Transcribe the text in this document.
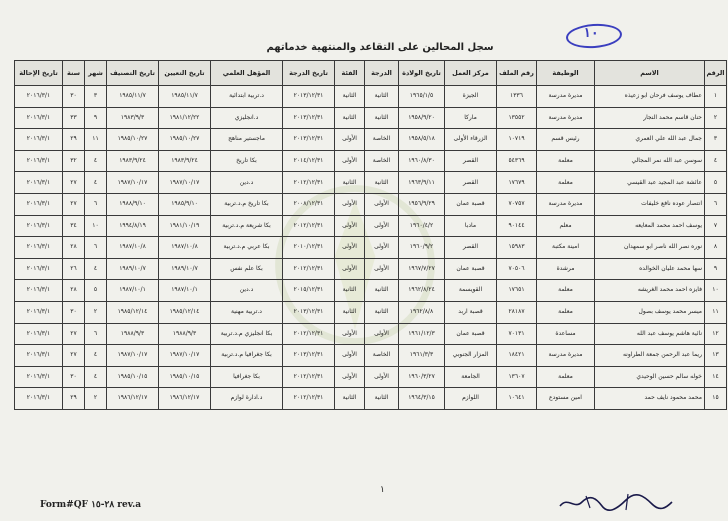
١٠
سجل المحالين على التقاعد والمنتهية خدماتهم
الرقم	الاسم	الوظيفة	رقم الملف	مركز العمل	تاريخ الولادة	الدرجة	الفئة	تاريخ الدرجة	المؤهل العلمي	تاريخ التعيين	تاريخ التصنيف	شهر	سنة	تاريخ الإحالة
١	عطاف يوسف فرحان ابو زعيذه	مديرة مدرسة	١٣٣٦	الجيزة	١٩٦٥/١/٥	الثانية	الثانية	٢٠١٣/١٢/٣١	د.تربية ابتدائية	١٩٨٥/١١/٧	١٩٨٥/١١/٧	٣	٣٠	٢٠١٦/٣/١
٢	حنان قاسم محمد النجار	مديرة مدرسة	١٣٥٥٢	ماركا	١٩٥٨/٩/٢٠	الثانية	الثانية	٢٠١٣/١٢/٣١	د.انجليزي	١٩٨١/١٢/٢٢	١٩٨٣/٩/٣	٩	٣٣	٢٠١٦/٣/١
٣	جمال عبد الله علي العمري	رئيس قسم	١٠٧١٩	الزرقاء الأولى	١٩٥٨/٥/١٨	الخاصة	الأولى	٢٠١٣/١٢/٣١	ماجستير مناهج	١٩٨٥/١٠/٢٧	١٩٨٥/١٠/٢٧	١١	٢٩	٢٠١٦/٣/١
٤	سوسن عبد الله نمر المجالي	معلمة	٥٤٣٦٩	القصر	١٩٦٠/٨/٣٠	الخاصة	الأولى	٢٠١٤/١٢/٣١	بكا تاريخ	١٩٨٣/٩/٢٤	١٩٨٣/٩/٢٤	٤	٣٢	٢٠١٦/٣/١
٥	عائشة عبد المجيد عبد القيسي	معلمة	١٧٦٧٩	القصر	١٩٦٣/٩/١١	الثانية	الثانية	٢٠١٢/١٢/٣١	د.دين	١٩٨٧/١٠/١٧	١٩٨٧/١٠/١٧	٤	٢٧	٢٠١٦/٣/١
٦	انتصار عوده نافع خليفات	مديرة مدرسة	٧٠٧٥٧	قصبة عمان	١٩٥٦/٩/٢٩	الأولى	الأولى	٢٠٠٨/١٢/٣١	بكا تاريخ م.د.تربية	١٩٨٥/٩/١٠	١٩٨٨/٩/١٠	٦	٢٧	٢٠١٦/٣/١
٧	يوسف احمد محمد المعايعه	معلم	٩٠١٤٤	مادبا	١٩٦٠/٤/٢	الأولى	الأولى	٢٠١٢/١٢/٣١	بكا شريعة م.د.تربية	١٩٨١/١٠/١٩	١٩٩٤/٨/١٩	١٠	٣٤	٢٠١٦/٣/١
٨	نوره نصر الله ناصر ابو سمهدان	امينة مكتبة	١٥٩٨٣	القصر	١٩٦٠/٩/٢	الأولى	الأولى	٢٠١٠/١٢/٣١	بكا عربي م.د.تربية	١٩٨٧/١٠/٨	١٩٨٧/١٠/٨	٦	٢٨	٢٠١٦/٣/١
٩	سها محمد عليان الخوالده	مرشدة	٧٠٥٠٦	قصبة عمان	١٩٦٧/٧/٢٧	الأولى	الأولى	٢٠١٢/١٢/٣١	بكا علم نفس	١٩٨٩/١٠/٧	١٩٨٩/١٠/٧	٤	٢٦	٢٠١٦/٣/١
١٠	فايزه احمد محمد الغريشه	معلمة	١٧٦٥١	القويسمة	١٩٦٢/٨/٢٤	الثانية	الثانية	٢٠١٥/١٢/٣١	د.دين	١٩٨٧/١٠/١	١٩٨٧/١٠/١	٥	٢٨	٢٠١٦/٣/١
١١	ميسر محمد يوسف بصول	معلمة	٢٨١٨٧	قصبة اربد	١٩٦٢/٨/٨	الثانية	الثانية	٢٠١٣/١٢/٣١	د.تربية مهنية	١٩٨٥/١٢/١٤	١٩٨٥/١٢/١٤	٢	٣٠	٢٠١٦/٣/١
١٢	نائية هاشم يوسف عبد الله	مساعدة	٧٠١٣١	قصبة عمان	١٩٦١/١٢/٣	الأولى	الأولى	٢٠١٢/١٢/٣١	بكا انجليزي م.د.تربية	١٩٨٨/٩/٣	١٩٨٨/٩/٣	٦	٢٧	٢٠١٦/٣/١
١٣	ريما عبد الرحمن جمعة الطراونه	مديرة مدرسة	١٨٤٢١	المزار الجنوبي	١٩٦١/٣/٣	الخاصة	الأولى	٢٠١٣/١٢/٣١	بكا جغرافيا م.د.تربية	١٩٨٧/١٠/١٧	١٩٨٧/١٠/١٧	٤	٢٧	٢٠١٦/٣/١
١٤	خوله سالم حسين الوحيدي	معلمة	١٣٦٠٧	الجامعة	١٩٦٠/٣/٢٧	الأولى	الأولى	٢٠١٢/١٢/٣١	بكا جغرافيا	١٩٨٥/١٠/١٥	١٩٨٥/١٠/١٥	٤	٣٠	٢٠١٦/٣/١
١٥	محمد محمود نايف حمد	امين مستودع	١٠٦٤١	اللوازم	١٩٦٤/٣/١٥	الثانية	الثانية	٢٠١٢/١٢/٣١	د.ادارة لوازم	١٩٨٦/١٢/١٧	١٩٨٦/١٢/١٧	٢	٢٩	٢٠١٦/٣/١
١
Form#QF ٢٨-١٥ rev.a
